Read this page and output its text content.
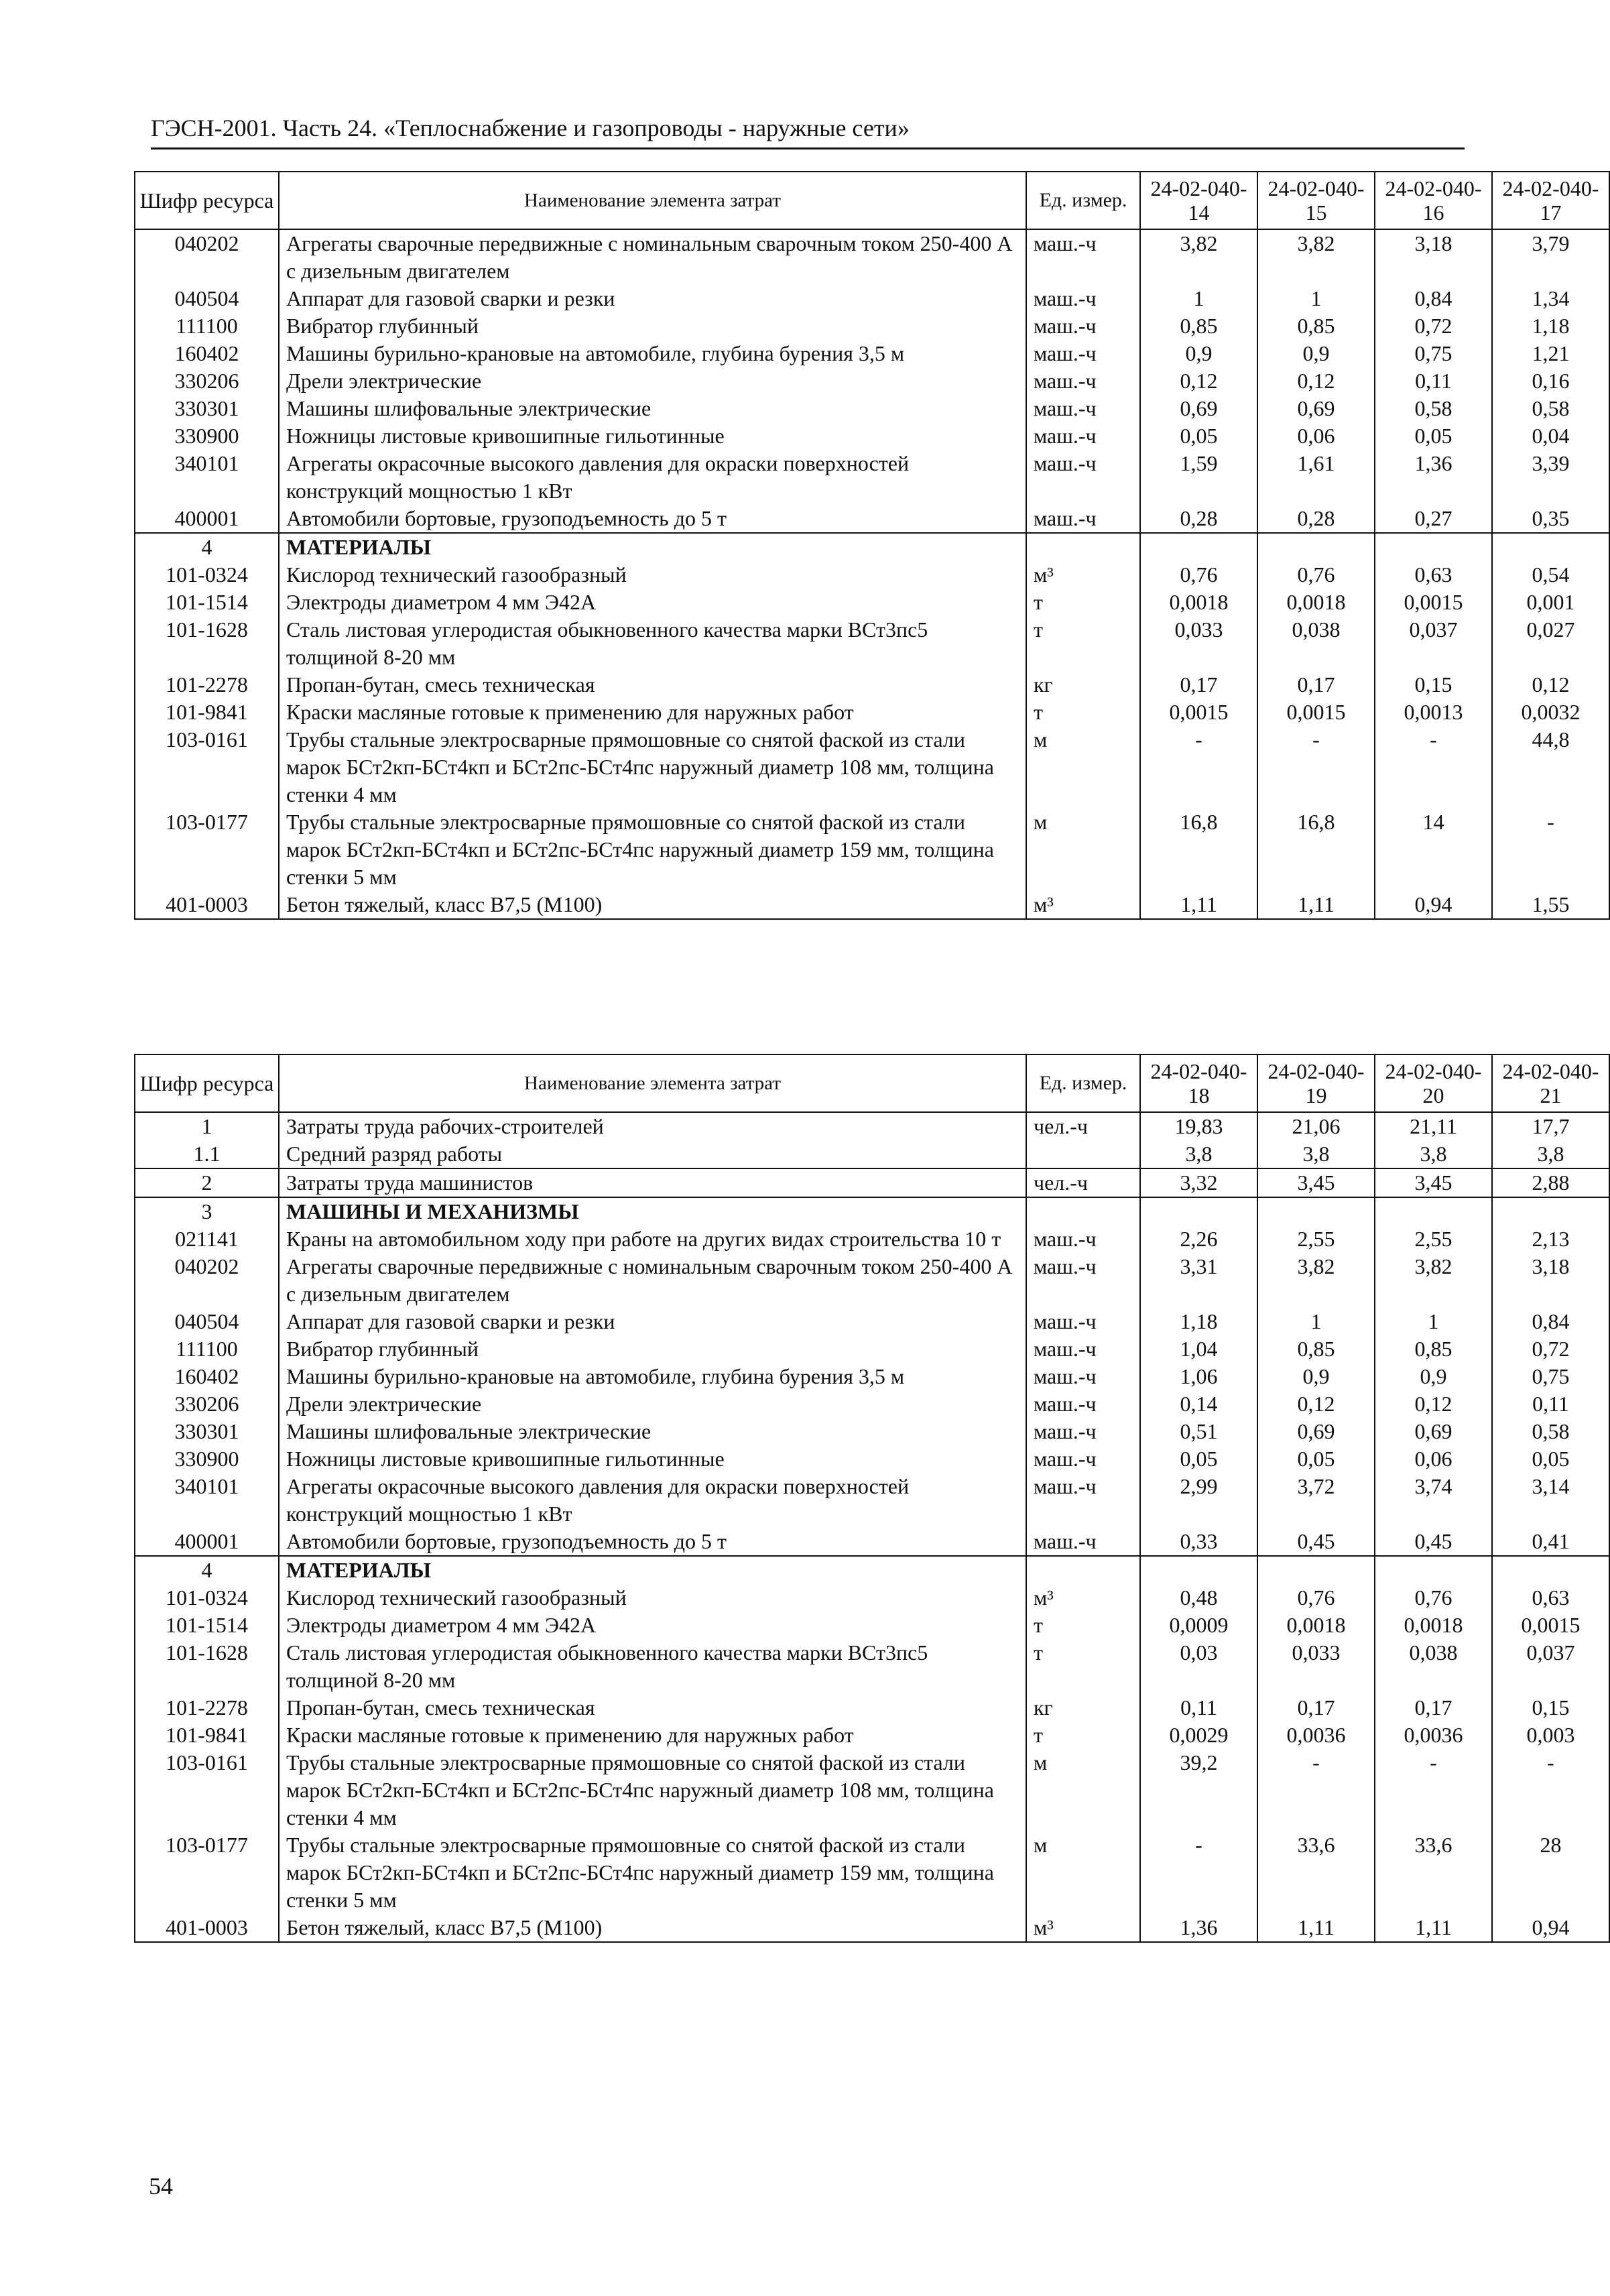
ГЭСН-2001. Часть 24. «Теплоснабжение и газопроводы - наружные сети»
Шифр ресурса	Наименование элемента затрат	Ед. измер.	24-02-040-14	24-02-040-15	24-02-040-16	24-02-040-17
040202	Агрегаты сварочные передвижные с номинальным сварочным током 250-400 А с дизельным двигателем	маш.-ч	3,82	3,82	3,18	3,79
040504	Аппарат для газовой сварки и резки	маш.-ч	1	1	0,84	1,34
111100	Вибратор глубинный	маш.-ч	0,85	0,85	0,72	1,18
160402	Машины бурильно-крановые на автомобиле, глубина бурения 3,5 м	маш.-ч	0,9	0,9	0,75	1,21
330206	Дрели электрические	маш.-ч	0,12	0,12	0,11	0,16
330301	Машины шлифовальные электрические	маш.-ч	0,69	0,69	0,58	0,58
330900	Ножницы листовые кривошипные гильотинные	маш.-ч	0,05	0,06	0,05	0,04
340101	Агрегаты окрасочные высокого давления для окраски поверхностей конструкций мощностью 1 кВт	маш.-ч	1,59	1,61	1,36	3,39
400001	Автомобили бортовые, грузоподъемность до 5 т	маш.-ч	0,28	0,28	0,27	0,35
4	МАТЕРИАЛЫ					
101-0324	Кислород технический газообразный	м³	0,76	0,76	0,63	0,54
101-1514	Электроды диаметром 4 мм Э42А	т	0,0018	0,0018	0,0015	0,001
101-1628	Сталь листовая углеродистая обыкновенного качества марки ВСт3пс5 толщиной 8-20 мм	т	0,033	0,038	0,037	0,027
101-2278	Пропан-бутан, смесь техническая	кг	0,17	0,17	0,15	0,12
101-9841	Краски масляные готовые к применению для наружных работ	т	0,0015	0,0015	0,0013	0,0032
103-0161	Трубы стальные электросварные прямошовные со снятой фаской из стали марок БСт2кп-БСт4кп и БСт2пс-БСт4пс наружный диаметр 108 мм, толщина стенки 4 мм	м	-	-	-	44,8
103-0177	Трубы стальные электросварные прямошовные со снятой фаской из стали марок БСт2кп-БСт4кп и БСт2пс-БСт4пс наружный диаметр 159 мм, толщина стенки 5 мм	м	16,8	16,8	14	-
401-0003	Бетон тяжелый, класс В7,5 (М100)	м³	1,11	1,11	0,94	1,55
Шифр ресурса	Наименование элемента затрат	Ед. измер.	24-02-040-18	24-02-040-19	24-02-040-20	24-02-040-21
1	Затраты труда рабочих-строителей	чел.-ч	19,83	21,06	21,11	17,7
1.1	Средний разряд работы		3,8	3,8	3,8	3,8
2	Затраты труда машинистов	чел.-ч	3,32	3,45	3,45	2,88
3	МАШИНЫ И МЕХАНИЗМЫ					
021141	Краны на автомобильном ходу при работе на других видах строительства 10 т	маш.-ч	2,26	2,55	2,55	2,13
040202	Агрегаты сварочные передвижные с номинальным сварочным током 250-400 А с дизельным двигателем	маш.-ч	3,31	3,82	3,82	3,18
040504	Аппарат для газовой сварки и резки	маш.-ч	1,18	1	1	0,84
111100	Вибратор глубинный	маш.-ч	1,04	0,85	0,85	0,72
160402	Машины бурильно-крановые на автомобиле, глубина бурения 3,5 м	маш.-ч	1,06	0,9	0,9	0,75
330206	Дрели электрические	маш.-ч	0,14	0,12	0,12	0,11
330301	Машины шлифовальные электрические	маш.-ч	0,51	0,69	0,69	0,58
330900	Ножницы листовые кривошипные гильотинные	маш.-ч	0,05	0,05	0,06	0,05
340101	Агрегаты окрасочные высокого давления для окраски поверхностей конструкций мощностью 1 кВт	маш.-ч	2,99	3,72	3,74	3,14
400001	Автомобили бортовые, грузоподъемность до 5 т	маш.-ч	0,33	0,45	0,45	0,41
4	МАТЕРИАЛЫ					
101-0324	Кислород технический газообразный	м³	0,48	0,76	0,76	0,63
101-1514	Электроды диаметром 4 мм Э42А	т	0,0009	0,0018	0,0018	0,0015
101-1628	Сталь листовая углеродистая обыкновенного качества марки ВСт3пс5 толщиной 8-20 мм	т	0,03	0,033	0,038	0,037
101-2278	Пропан-бутан, смесь техническая	кг	0,11	0,17	0,17	0,15
101-9841	Краски масляные готовые к применению для наружных работ	т	0,0029	0,0036	0,0036	0,003
103-0161	Трубы стальные электросварные прямошовные со снятой фаской из стали марок БСт2кп-БСт4кп и БСт2пс-БСт4пс наружный диаметр 108 мм, толщина стенки 4 мм	м	39,2	-	-	-
103-0177	Трубы стальные электросварные прямошовные со снятой фаской из стали марок БСт2кп-БСт4кп и БСт2пс-БСт4пс наружный диаметр 159 мм, толщина стенки 5 мм	м	-	33,6	33,6	28
401-0003	Бетон тяжелый, класс В7,5 (М100)	м³	1,36	1,11	1,11	0,94
54
